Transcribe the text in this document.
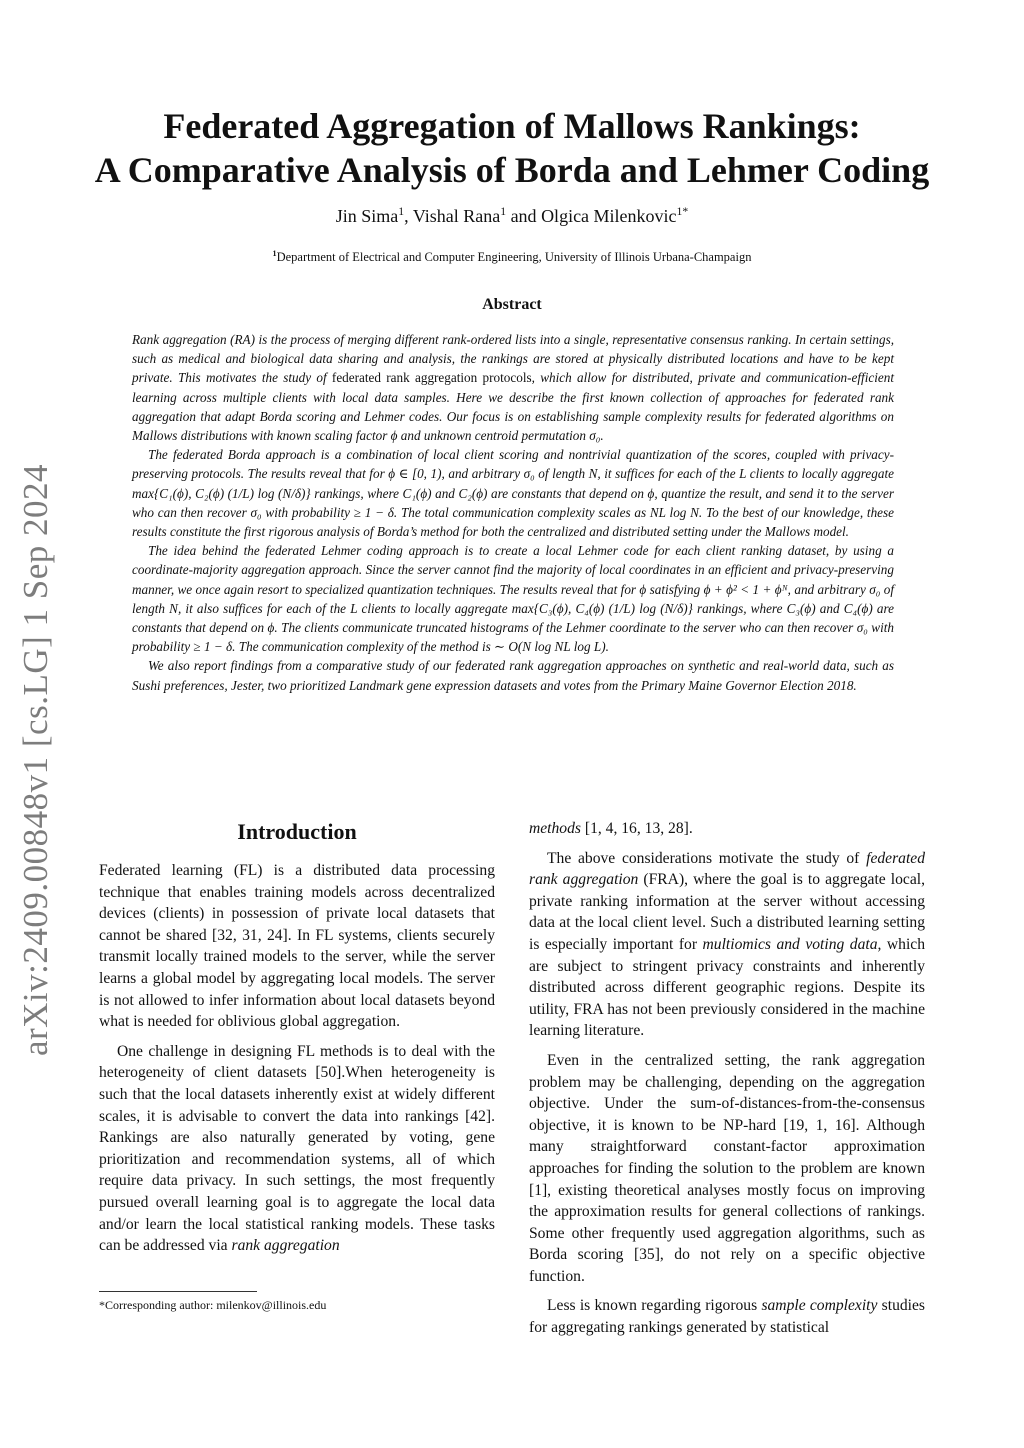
arXiv:2409.00848v1 [cs.LG] 1 Sep 2024
Federated Aggregation of Mallows Rankings:
A Comparative Analysis of Borda and Lehmer Coding
Jin Sima$^1$, Vishal Rana$^1$ and Olgica Milenkovic$^{1*}$
$^1$Department of Electrical and Computer Engineering, University of Illinois Urbana-Champaign
Abstract

Rank aggregation (RA) is the process of merging different rank-ordered lists into a single, representative consensus ranking. In certain settings, such as medical and biological data sharing and analysis, the rankings are stored at physically distributed locations and have to be kept private. This motivates the study of federated rank aggregation protocols, which allow for distributed, private and communication-efficient learning across multiple clients with local data samples. Here we describe the first known collection of approaches for federated rank aggregation that adapt Borda scoring and Lehmer codes. Our focus is on establishing sample complexity results for federated algorithms on Mallows distributions with known scaling factor ϕ and unknown centroid permutation σ₀.

The federated Borda approach is a combination of local client scoring and nontrivial quantization of the scores, coupled with privacy-preserving protocols. The results reveal that for ϕ ∈ [0, 1), and arbitrary σ₀ of length N, it suffices for each of the L clients to locally aggregate max{C₁(ϕ), C₂(ϕ) (1/L) log (N/δ)} rankings, where C₁(ϕ) and C₂(ϕ) are constants that depend on ϕ, quantize the result, and send it to the server who can then recover σ₀ with probability ≥ 1 − δ. The total communication complexity scales as NL log N. To the best of our knowledge, these results constitute the first rigorous analysis of Borda’s method for both the centralized and distributed setting under the Mallows model.

The idea behind the federated Lehmer coding approach is to create a local Lehmer code for each client ranking dataset, by using a coordinate-majority aggregation approach. Since the server cannot find the majority of local coordinates in an efficient and privacy-preserving manner, we once again resort to specialized quantization techniques. The results reveal that for ϕ satisfying ϕ + ϕ² < 1 + ϕᴺ, and arbitrary σ₀ of length N, it also suffices for each of the L clients to locally aggregate max{C₃(ϕ), C₄(ϕ) (1/L) log (N/δ)} rankings, where C₃(ϕ) and C₄(ϕ) are constants that depend on ϕ. The clients communicate truncated histograms of the Lehmer coordinate to the server who can then recover σ₀ with probability ≥ 1 − δ. The communication complexity of the method is ∼ O(N log NL log L).

We also report findings from a comparative study of our federated rank aggregation approaches on synthetic and real-world data, such as Sushi preferences, Jester, two prioritized Landmark gene expression datasets and votes from the Primary Maine Governor Election 2018.

Introduction

Federated learning (FL) is a distributed data processing technique that enables training models across decentralized devices (clients) in possession of private local datasets that cannot be shared [32, 31, 24]. In FL systems, clients securely transmit locally trained models to the server, while the server learns a global model by aggregating local models. The server is not allowed to infer information about local datasets beyond what is needed for oblivious global aggregation.

One challenge in designing FL methods is to deal with the heterogeneity of client datasets [50].When heterogeneity is such that the local datasets inherently exist at widely different scales, it is advisable to convert the data into rankings [42]. Rankings are also naturally generated by voting, gene prioritization and recommendation systems, all of which require data privacy. In such settings, the most frequently pursued overall learning goal is to aggregate the local data and/or learn the local statistical ranking models. These tasks can be addressed via rank aggregation

methods [1, 4, 16, 13, 28].

The above considerations motivate the study of federated rank aggregation (FRA), where the goal is to aggregate local, private ranking information at the server without accessing data at the local client level. Such a distributed learning setting is especially important for multiomics and voting data, which are subject to stringent privacy constraints and inherently distributed across different geographic regions. Despite its utility, FRA has not been previously considered in the machine learning literature.

Even in the centralized setting, the rank aggregation problem may be challenging, depending on the aggregation objective. Under the sum-of-distances-from-the-consensus objective, it is known to be NP-hard [19, 1, 16]. Although many straightforward constant-factor approximation approaches for finding the solution to the problem are known [1], existing theoretical analyses mostly focus on improving the approximation results for general collections of rankings. Some other frequently used aggregation algorithms, such as Borda scoring [35], do not rely on a specific objective function.

Less is known regarding rigorous sample complexity studies for aggregating rankings generated by statistical

*Corresponding author: milenkov@illinois.edu
